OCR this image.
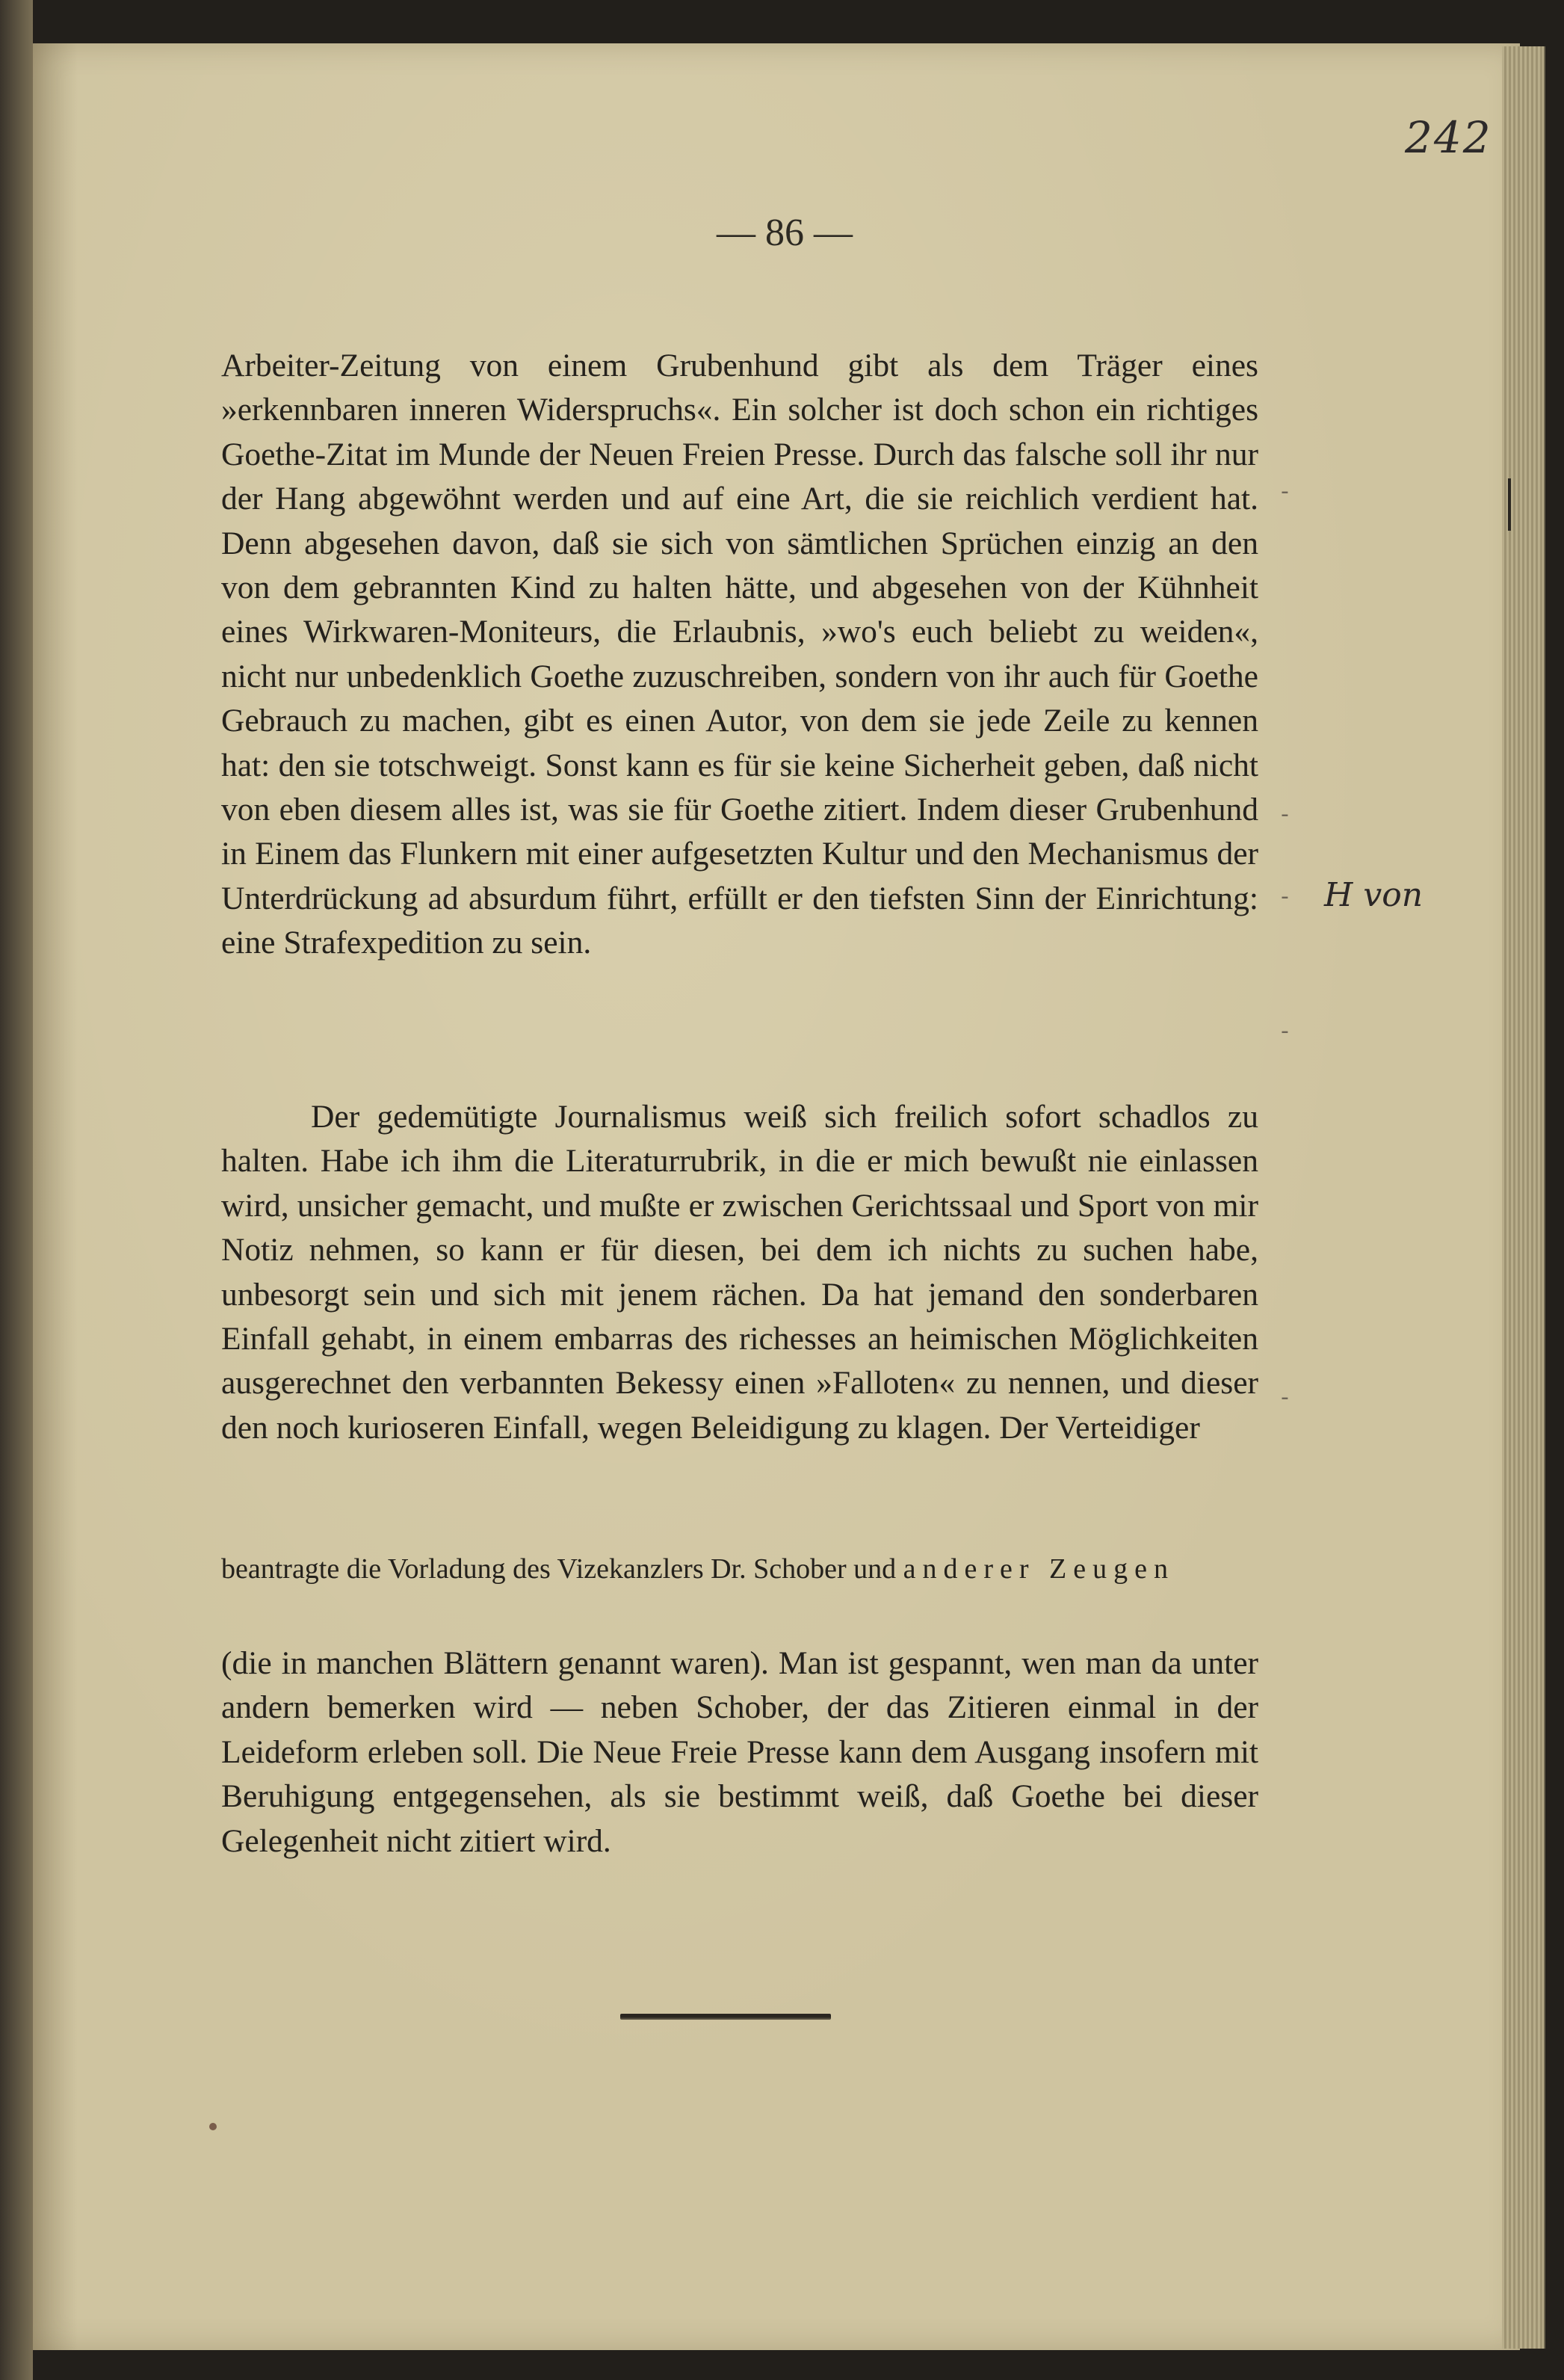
242
— 86 —

Arbeiter-Zeitung von einem Grubenhund gibt als dem Träger eines »erkennbaren inneren Widerspruchs«. Ein solcher ist doch schon ein richtiges Goethe-Zitat im Munde der Neuen Freien Presse. Durch das falsche soll ihr nur der Hang abgewöhnt werden und auf eine Art, die sie reichlich verdient hat. Denn abgesehen davon, daß sie sich von sämtlichen Sprüchen einzig an den von dem gebrannten Kind zu halten hätte, und abgesehen von der Kühnheit eines Wirkwaren-Moniteurs, die Erlaubnis, »wo's euch beliebt zu weiden«, nicht nur unbedenklich Goethe zuzuschreiben, sondern von ihr auch für Goethe Gebrauch zu machen, gibt es einen Autor, von dem sie jede Zeile zu kennen hat: den sie totschweigt. Sonst kann es für sie keine Sicherheit geben, daß nicht von eben diesem alles ist, was sie für Goethe zitiert. Indem dieser Grubenhund in Einem das Flunkern mit einer aufgesetzten Kultur und den Mechanismus der Unterdrückung ad absurdum führt, erfüllt er den tiefsten Sinn der Einrichtung: eine Strafexpedition zu sein.

Der gedemütigte Journalismus weiß sich freilich sofort schadlos zu halten. Habe ich ihm die Literaturrubrik, in die er mich bewußt nie einlassen wird, unsicher gemacht, und mußte er zwischen Gerichtssaal und Sport von mir Notiz nehmen, so kann er für diesen, bei dem ich nichts zu suchen habe, unbesorgt sein und sich mit jenem rächen. Da hat jemand den sonderbaren Einfall gehabt, in einem embarras des richesses an heimischen Möglichkeiten ausgerechnet den verbannten Bekessy einen »Falloten« zu nennen, und dieser den noch kurioseren Einfall, wegen Beleidigung zu klagen. Der Verteidiger

beantragte die Vorladung des Vizekanzlers Dr. Schober und anderer Zeugen

(die in manchen Blättern genannt waren). Man ist gespannt, wen man da unter andern bemerken wird — neben Schober, der das Zitieren einmal in der Leideform erleben soll. Die Neue Freie Presse kann dem Ausgang insofern mit Beruhigung entgegensehen, als sie bestimmt weiß, daß Goethe bei dieser Gelegenheit nicht zitiert wird.

H von
-
-
-
-
-
